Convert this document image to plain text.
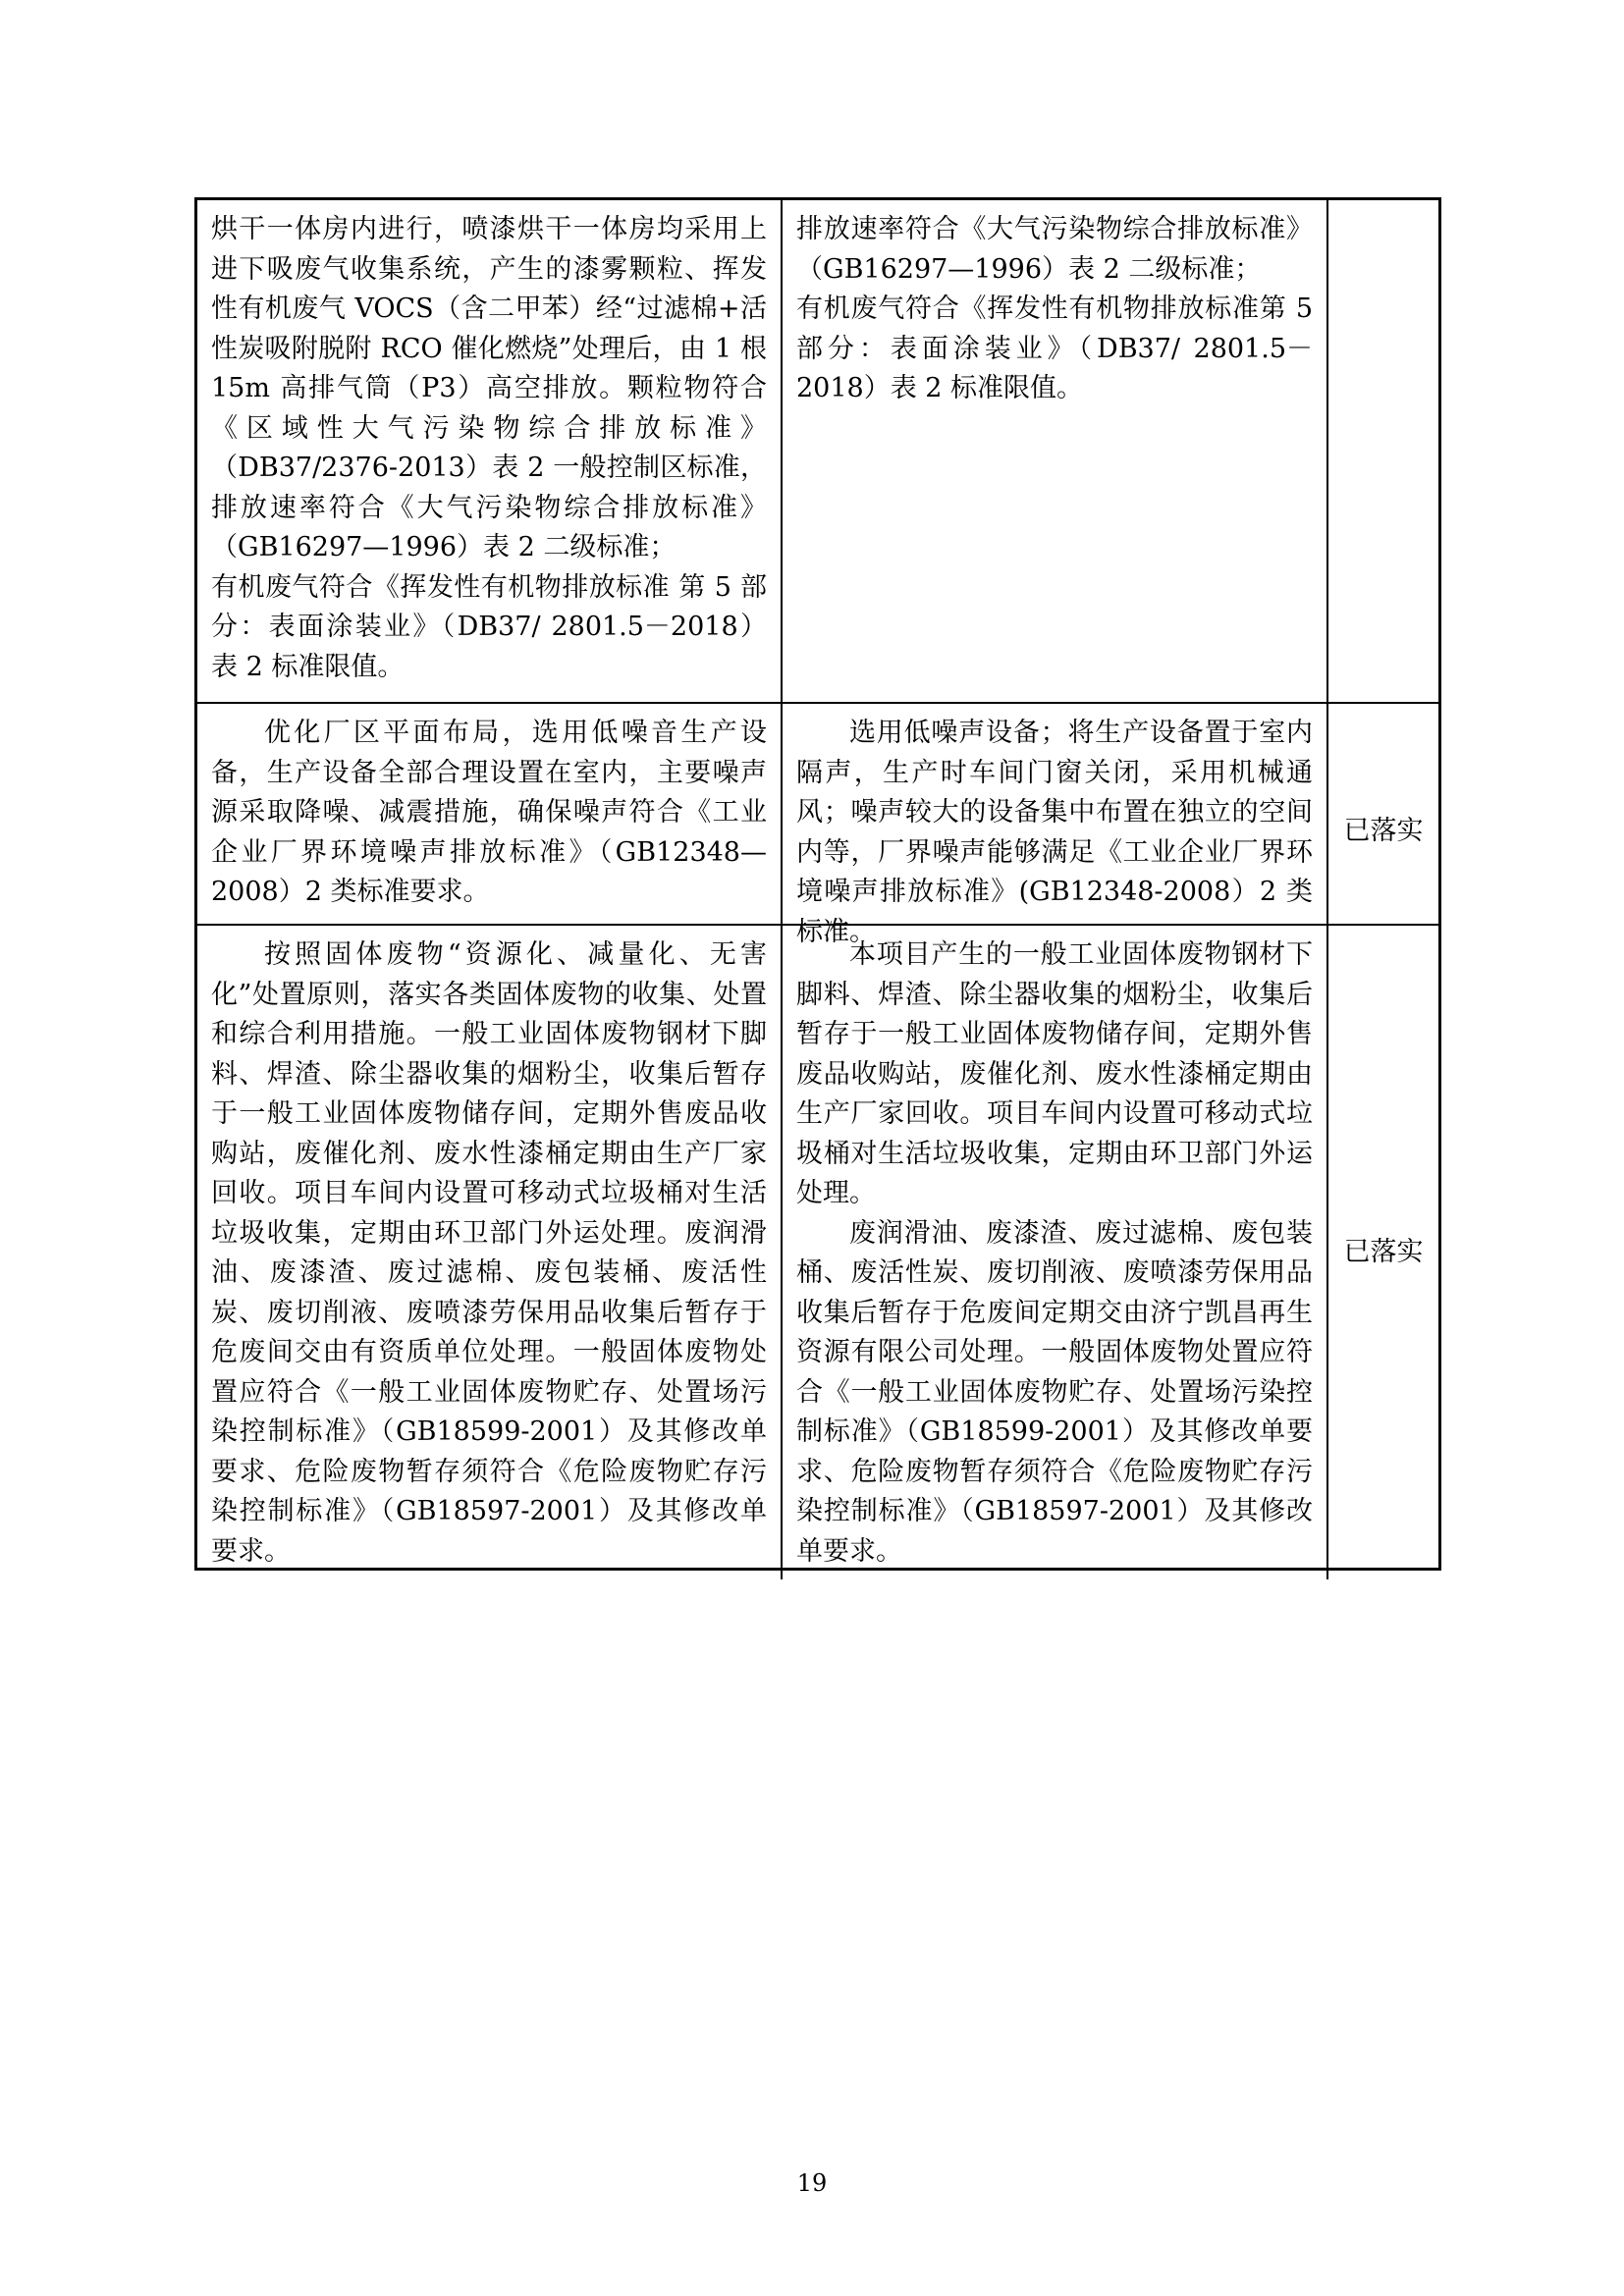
烘干一体房内进行，喷漆烘干一体房均采用上进下吸废气收集系统，产生的漆雾颗粒、挥发性有机废气 VOCS（含二甲苯）经“过滤棉+活性炭吸附脱附 RCO 催化燃烧”处理后，由 1 根 15m 高排气筒（P3）高空排放。颗粒物符合《区域性大气污染物综合排放标准》（DB37/2376-2013）表 2 一般控制区标准，排放速率符合《大气污染物综合排放标准》（GB16297—1996）表 2 二级标准；

有机废气符合《挥发性有机物排放标准 第 5 部分：表面涂装业》（DB37/ 2801.5－2018）表 2 标准限值。

排放速率符合《大气污染物综合排放标准》（GB16297—1996）表 2 二级标准；

有机废气符合《挥发性有机物排放标准第 5 部分：表面涂装业》（DB37/ 2801.5－2018）表 2 标准限值。

优化厂区平面布局，选用低噪音生产设备，生产设备全部合理设置在室内，主要噪声源采取降噪、减震措施，确保噪声符合《工业企业厂界环境噪声排放标准》（GB12348—2008）2 类标准要求。

选用低噪声设备；将生产设备置于室内隔声，生产时车间门窗关闭，采用机械通风；噪声较大的设备集中布置在独立的空间内等，厂界噪声能够满足《工业企业厂界环境噪声排放标准》(GB12348-2008）2 类标准。

已落实

按照固体废物“资源化、减量化、无害化”处置原则，落实各类固体废物的收集、处置和综合利用措施。一般工业固体废物钢材下脚料、焊渣、除尘器收集的烟粉尘，收集后暂存于一般工业固体废物储存间，定期外售废品收购站，废催化剂、废水性漆桶定期由生产厂家回收。项目车间内设置可移动式垃圾桶对生活垃圾收集，定期由环卫部门外运处理。废润滑油、废漆渣、废过滤棉、废包装桶、废活性炭、废切削液、废喷漆劳保用品收集后暂存于危废间交由有资质单位处理。一般固体废物处置应符合《一般工业固体废物贮存、处置场污染控制标准》（GB18599-2001）及其修改单要求、危险废物暂存须符合《危险废物贮存污染控制标准》（GB18597-2001）及其修改单要求。

本项目产生的一般工业固体废物钢材下脚料、焊渣、除尘器收集的烟粉尘，收集后暂存于一般工业固体废物储存间，定期外售废品收购站，废催化剂、废水性漆桶定期由生产厂家回收。项目车间内设置可移动式垃圾桶对生活垃圾收集，定期由环卫部门外运处理。

废润滑油、废漆渣、废过滤棉、废包装桶、废活性炭、废切削液、废喷漆劳保用品收集后暂存于危废间定期交由济宁凯昌再生资源有限公司处理。一般固体废物处置应符合《一般工业固体废物贮存、处置场污染控制标准》（GB18599-2001）及其修改单要求、危险废物暂存须符合《危险废物贮存污染控制标准》（GB18597-2001）及其修改单要求。

已落实
19
